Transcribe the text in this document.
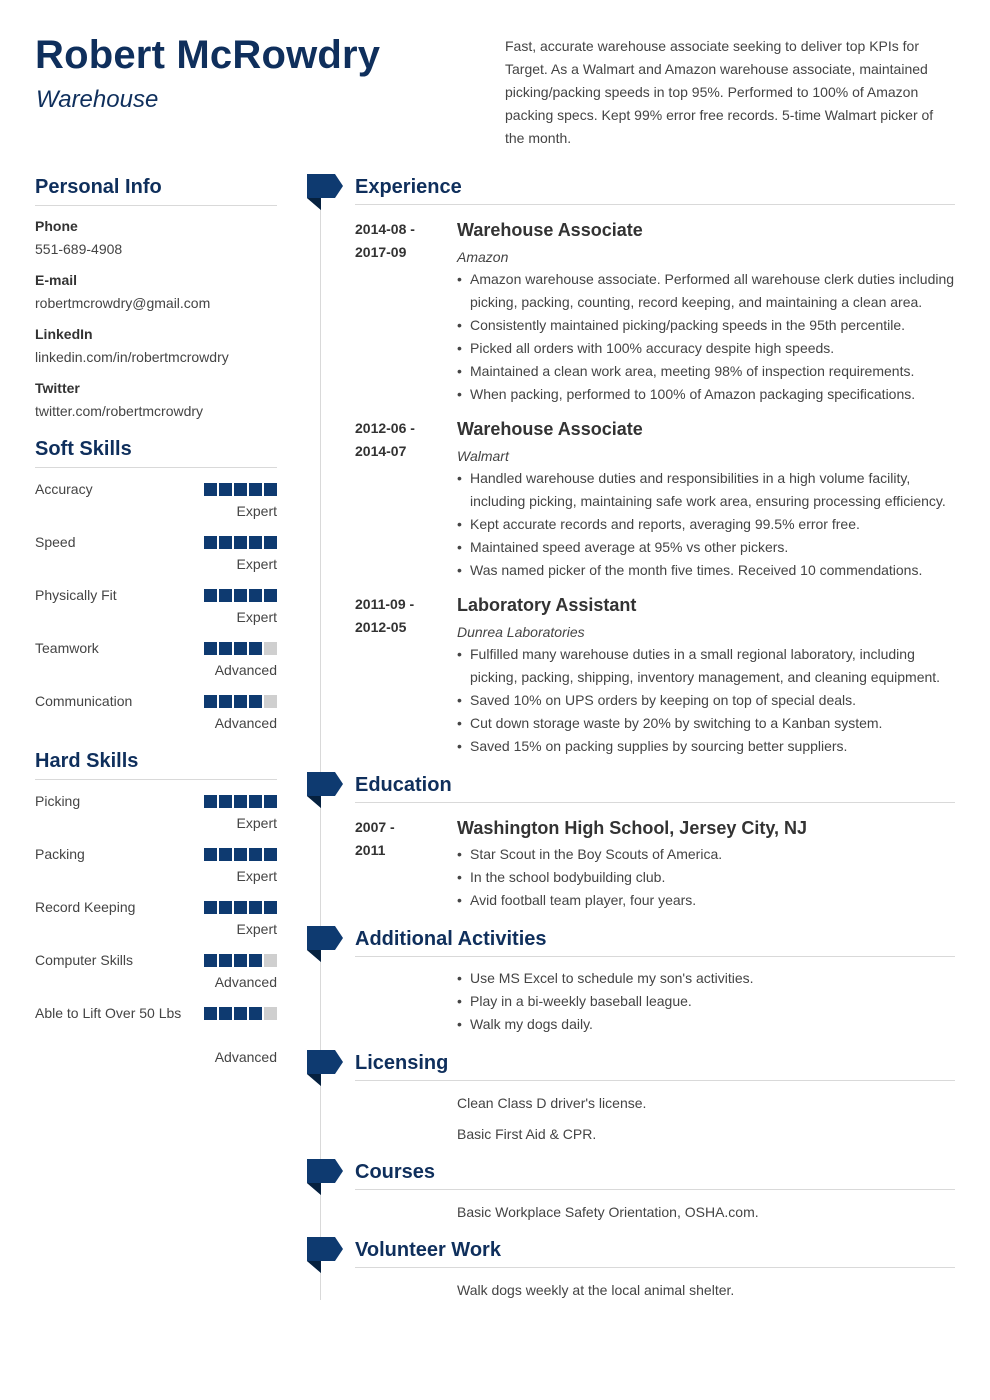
Robert McRowdry
Warehouse
Fast, accurate warehouse associate seeking to deliver top KPIs for Target. As a Walmart and Amazon warehouse associate, maintained picking/packing speeds in top 95%. Performed to 100% of Amazon packing specs. Kept 99% error free records. 5-time Walmart picker of the month.
Personal Info
Phone
551-689-4908
E-mail
robertmcrowdry@gmail.com
LinkedIn
linkedin.com/in/robertmcrowdry
Twitter
twitter.com/robertmcrowdry
Soft Skills
Accuracy
Expert
Speed
Expert
Physically Fit
Expert
Teamwork
Advanced
Communication
Advanced
Hard Skills
Picking
Expert
Packing
Expert
Record Keeping
Expert
Computer Skills
Advanced
Able to Lift Over 50 Lbs
Advanced
Experience
2014-08 -
2017-09
Warehouse Associate
Amazon
• Amazon warehouse associate. Performed all warehouse clerk duties including picking, packing, counting, record keeping, and maintaining a clean area.
• Consistently maintained picking/packing speeds in the 95th percentile.
• Picked all orders with 100% accuracy despite high speeds.
• Maintained a clean work area, meeting 98% of inspection requirements.
• When packing, performed to 100% of Amazon packaging specifications.
2012-06 -
2014-07
Warehouse Associate
Walmart
• Handled warehouse duties and responsibilities in a high volume facility, including picking, maintaining safe work area, ensuring processing efficiency.
• Kept accurate records and reports, averaging 99.5% error free.
• Maintained speed average at 95% vs other pickers.
• Was named picker of the month five times. Received 10 commendations.
2011-09 -
2012-05
Laboratory Assistant
Dunrea Laboratories
• Fulfilled many warehouse duties in a small regional laboratory, including picking, packing, shipping, inventory management, and cleaning equipment.
• Saved 10% on UPS orders by keeping on top of special deals.
• Cut down storage waste by 20% by switching to a Kanban system.
• Saved 15% on packing supplies by sourcing better suppliers.
Education
2007 -
2011
Washington High School, Jersey City, NJ
• Star Scout in the Boy Scouts of America.
• In the school bodybuilding club.
• Avid football team player, four years.
Additional Activities
• Use MS Excel to schedule my son's activities.
• Play in a bi-weekly baseball league.
• Walk my dogs daily.
Licensing
Clean Class D driver's license.
Basic First Aid & CPR.
Courses
Basic Workplace Safety Orientation, OSHA.com.
Volunteer Work
Walk dogs weekly at the local animal shelter.
